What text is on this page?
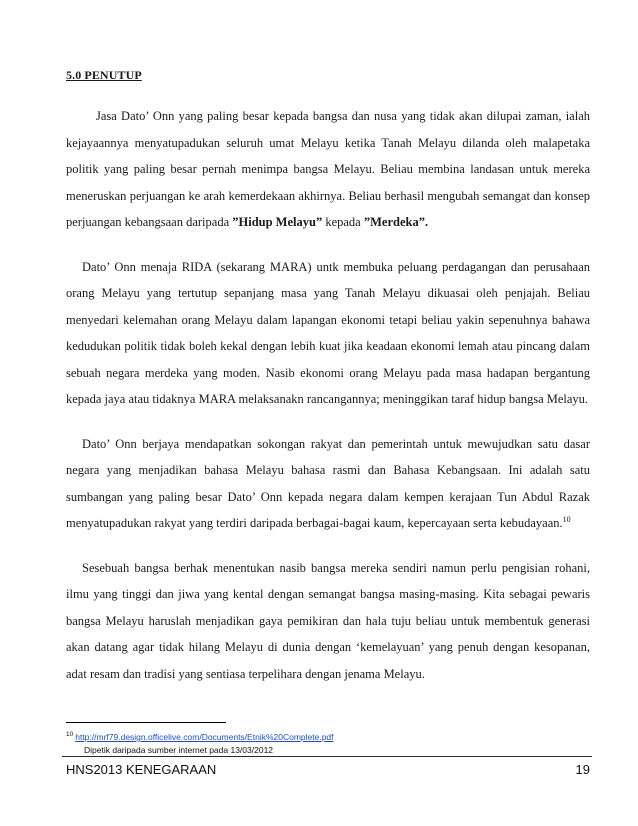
5.0 PENUTUP

Jasa Dato’ Onn yang paling besar kepada bangsa dan nusa yang tidak akan dilupai zaman, ialah kejayaannya menyatupadukan seluruh umat Melayu ketika Tanah Melayu dilanda oleh malapetaka politik yang paling besar pernah menimpa bangsa Melayu. Beliau membina landasan untuk mereka meneruskan perjuangan ke arah kemerdekaan akhirnya. Beliau berhasil mengubah semangat dan konsep perjuangan kebangsaan daripada ”Hidup Melayu” kepada ”Merdeka”.

Dato’ Onn menaja RIDA (sekarang MARA) untk membuka peluang perdagangan dan perusahaan orang Melayu yang tertutup sepanjang masa yang Tanah Melayu dikuasai oleh penjajah. Beliau menyedari kelemahan orang Melayu dalam lapangan ekonomi tetapi beliau yakin sepenuhnya bahawa kedudukan politik tidak boleh kekal dengan lebih kuat jika keadaan ekonomi lemah atau pincang dalam sebuah negara merdeka yang moden. Nasib ekonomi orang Melayu pada masa hadapan bergantung kepada jaya atau tidaknya MARA melaksanakn rancangannya; meninggikan taraf hidup bangsa Melayu.

Dato’ Onn berjaya mendapatkan sokongan rakyat dan pemerintah untuk mewujudkan satu dasar negara yang menjadikan bahasa Melayu bahasa rasmi dan Bahasa Kebangsaan. Ini adalah satu sumbangan yang paling besar Dato’ Onn kepada negara dalam kempen kerajaan Tun Abdul Razak menyatupadukan rakyat yang terdiri daripada berbagai-bagai kaum, kepercayaan serta kebudayaan.$^{10}$

Sesebuah bangsa berhak menentukan nasib bangsa mereka sendiri namun perlu pengisian rohani, ilmu yang tinggi dan jiwa yang kental dengan semangat bangsa masing-masing. Kita sebagai pewaris bangsa Melayu haruslah menjadikan gaya pemikiran dan hala tuju beliau untuk membentuk generasi akan datang agar tidak hilang Melayu di dunia dengan ‘kemelayuan’ yang penuh dengan kesopanan, adat resam dan tradisi yang sentiasa terpelihara dengan jenama Melayu.

$^{10}$ http://mrf79.design.officelive.com/Documents/Etnik%20Complete.pdf
Dipetik daripada sumber internet pada 13/03/2012
HNS2013 KENEGARAAN	19
